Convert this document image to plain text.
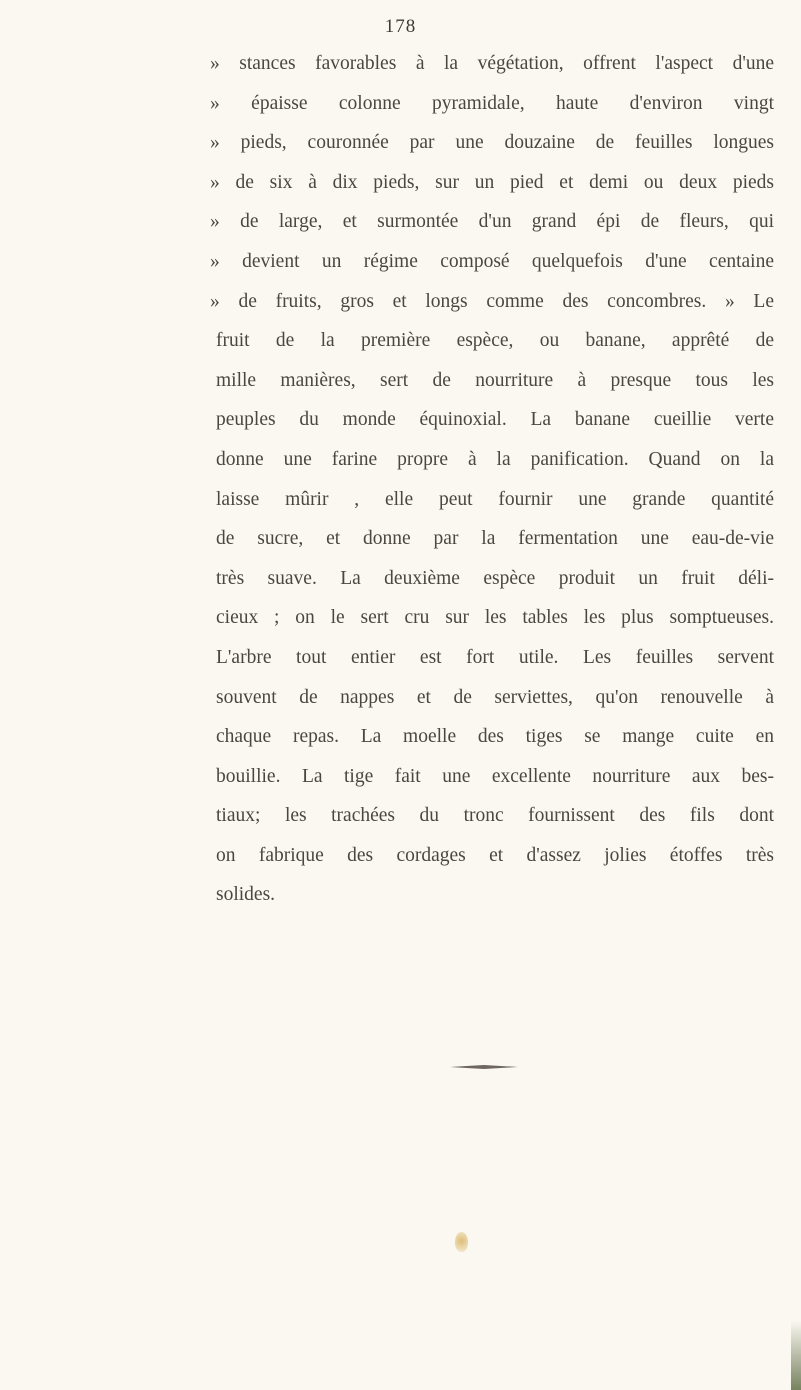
178
» stances favorables à la végétation, offrent l'aspect d'une
» épaisse colonne pyramidale, haute d'environ vingt
» pieds, couronnée par une douzaine de feuilles longues
» de six à dix pieds, sur un pied et demi ou deux pieds
» de large, et surmontée d'un grand épi de fleurs, qui
» devient un régime composé quelquefois d'une centaine
» de fruits, gros et longs comme des concombres. » Le
fruit de la première espèce, ou banane, apprêté de
mille manières, sert de nourriture à presque tous les
peuples du monde équinoxial. La banane cueillie verte
donne une farine propre à la panification. Quand on la
laisse mûrir , elle peut fournir une grande quantité
de sucre, et donne par la fermentation une eau-de-vie
très suave. La deuxième espèce produit un fruit déli-
cieux ; on le sert cru sur les tables les plus somptueuses.
L'arbre tout entier est fort utile. Les feuilles servent
souvent de nappes et de serviettes, qu'on renouvelle à
chaque repas. La moelle des tiges se mange cuite en
bouillie. La tige fait une excellente nourriture aux bes-
tiaux; les trachées du tronc fournissent des fils dont
on fabrique des cordages et d'assez jolies étoffes très
solides.
